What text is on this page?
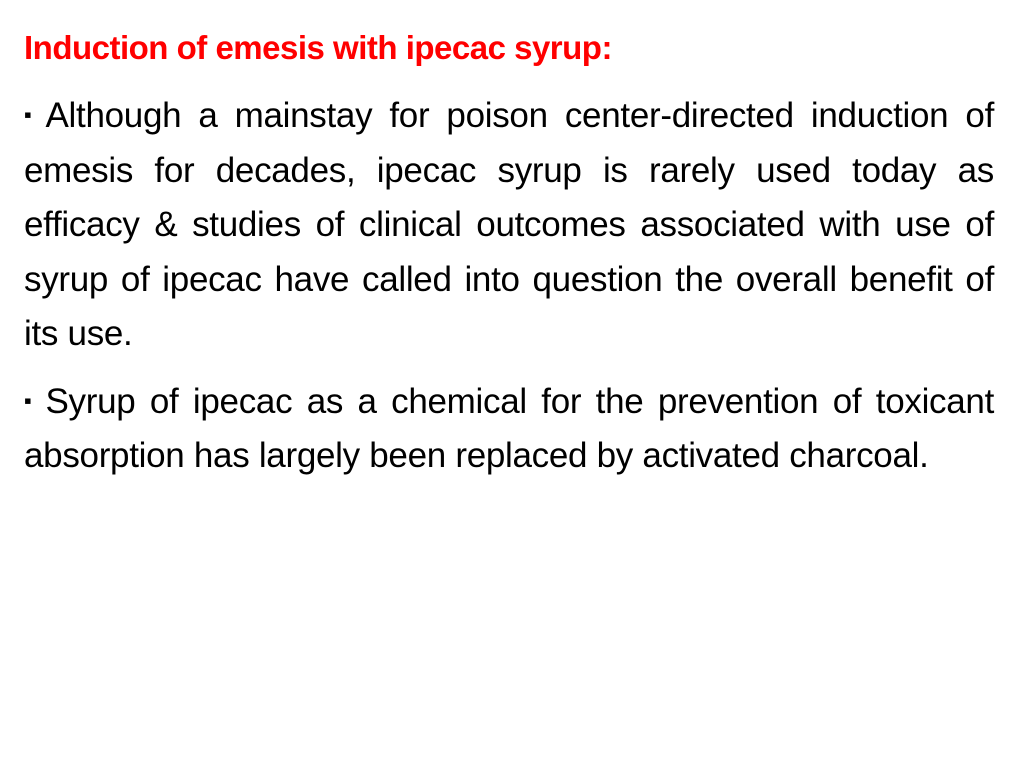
Induction of emesis with ipecac syrup:
▪ Although a mainstay for poison center-directed induction of emesis for decades, ipecac syrup is rarely used today as efficacy & studies of clinical outcomes associated with use of syrup of ipecac have called into question the overall benefit of its use.
▪ Syrup of ipecac as a chemical for the prevention of toxicant absorption has largely been replaced by activated charcoal.
